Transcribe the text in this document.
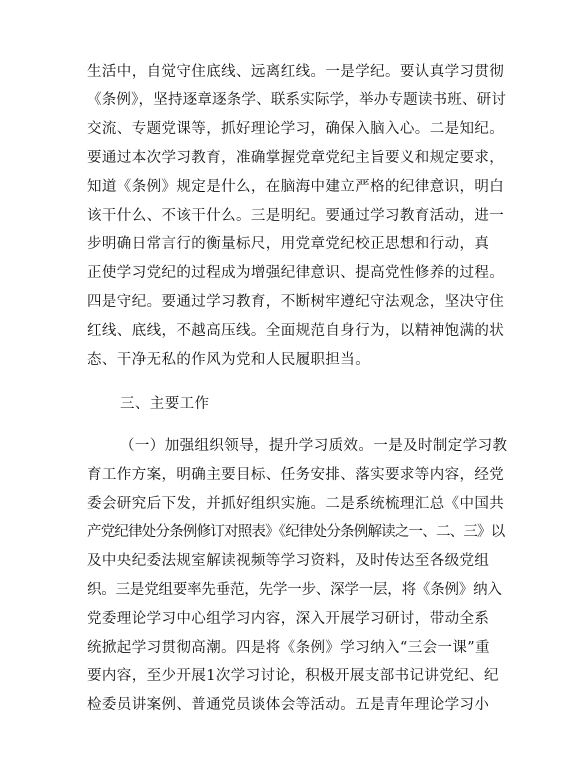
生活中，自觉守住底线、远离红线。一是学纪。要认真学习贯彻
《条例》，坚持逐章逐条学、联系实际学，举办专题读书班、研讨
交流、专题党课等，抓好理论学习，确保入脑入心。二是知纪。
要通过本次学习教育，准确掌握党章党纪主旨要义和规定要求，
知道《条例》规定是什么，在脑海中建立严格的纪律意识，明白
该干什么、不该干什么。三是明纪。要通过学习教育活动，进一
步明确日常言行的衡量标尺，用党章党纪校正思想和行动，真
正使学习党纪的过程成为增强纪律意识、提高党性修养的过程。
四是守纪。要通过学习教育，不断树牢遵纪守法观念，坚决守住
红线、底线，不越高压线。全面规范自身行为，以精神饱满的状
态、干净无私的作风为党和人民履职担当。
三、主要工作
（一）加强组织领导，提升学习质效。一是及时制定学习教
育工作方案，明确主要目标、任务安排、落实要求等内容，经党
委会研究后下发，并抓好组织实施。二是系统梳理汇总《中国共
产党纪律处分条例修订对照表》《纪律处分条例解读之一、二、三》以
及中央纪委法规室解读视频等学习资料，及时传达至各级党组
织。三是党组要率先垂范，先学一步、深学一层，将《条例》纳入
党委理论学习中心组学习内容，深入开展学习研讨，带动全系
统掀起学习贯彻高潮。四是将《条例》学习纳入“三会一课”重
要内容，至少开展1次学习讨论，积极开展支部书记讲党纪、纪
检委员讲案例、普通党员谈体会等活动。五是青年理论学习小
